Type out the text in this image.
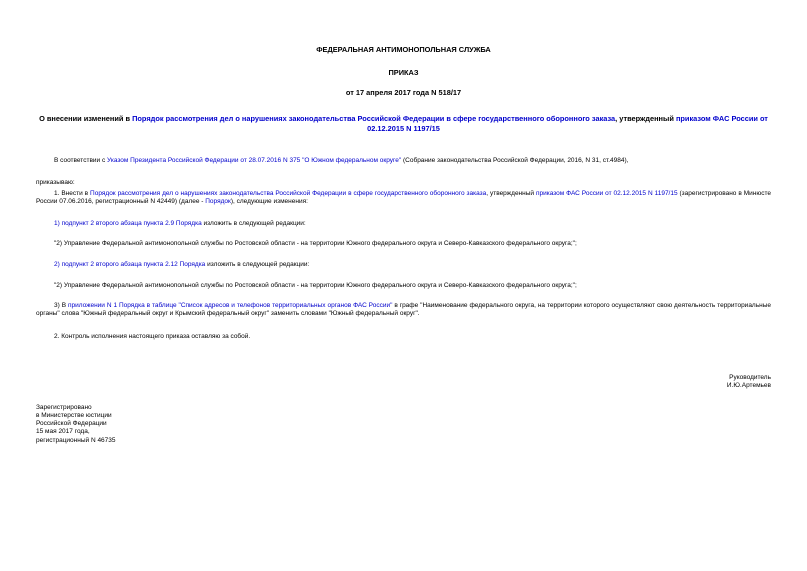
ФЕДЕРАЛЬНАЯ АНТИМОНОПОЛЬНАЯ СЛУЖБА
ПРИКАЗ
от 17 апреля 2017 года N 518/17
О внесении изменений в Порядок рассмотрения дел о нарушениях законодательства Российской Федерации в сфере государственного оборонного заказа, утвержденный приказом ФАС России от 02.12.2015 N 1197/15
В соответствии с Указом Президента Российской Федерации от 28.07.2016 N 375 "О Южном федеральном округе" (Собрание законодательства Российской Федерации, 2016, N 31, ст.4984),
приказываю:
1. Внести в Порядок рассмотрения дел о нарушениях законодательства Российской Федерации в сфере государственного оборонного заказа, утвержденный приказом ФАС России от 02.12.2015 N 1197/15 (зарегистрировано в Минюсте России 07.06.2016, регистрационный N 42449) (далее - Порядок), следующие изменения:
1) подпункт 2 второго абзаца пункта 2.9 Порядка изложить в следующей редакции:
"2) Управление Федеральной антимонопольной службы по Ростовской области - на территории Южного федерального округа и Северо-Кавказского федерального округа;";
2) подпункт 2 второго абзаца пункта 2.12 Порядка изложить в следующей редакции:
"2) Управление Федеральной антимонопольной службы по Ростовской области - на территории Южного федерального округа и Северо-Кавказского федерального округа;";
3) В приложении N 1 Порядка в таблице "Список адресов и телефонов территориальных органов ФАС России" в графе "Наименование федерального округа, на территории которого осуществляют свою деятельность территориальные органы" слова "Южный федеральный округ и Крымский федеральный округ" заменить словами "Южный федеральный округ".
2. Контроль исполнения настоящего приказа оставляю за собой.
Руководитель
И.Ю.Артемьев
Зарегистрировано
в Министерстве юстиции
Российской Федерации
15 мая 2017 года,
регистрационный N 46735
